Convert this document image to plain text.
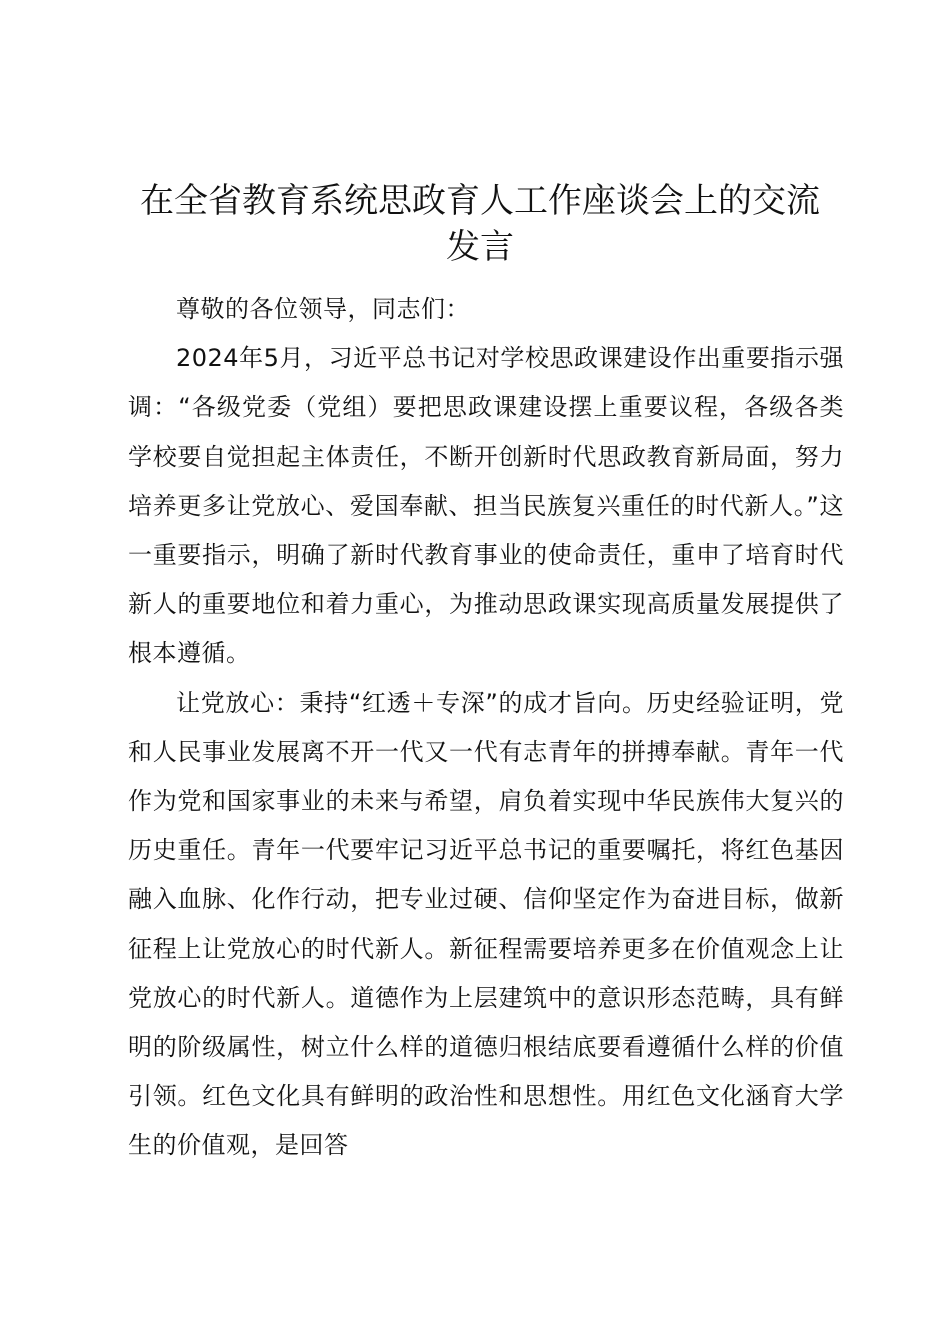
在全省教育系统思政育人工作座谈会上的交流
发言

尊敬的各位领导，同志们：

2024年5月，习近平总书记对学校思政课建设作出重要指示强调：“各级党委（党组）要把思政课建设摆上重要议程，各级各类学校要自觉担起主体责任，不断开创新时代思政教育新局面，努力培养更多让党放心、爱国奉献、担当民族复兴重任的时代新人。”这一重要指示，明确了新时代教育事业的使命责任，重申了培育时代新人的重要地位和着力重心，为推动思政课实现高质量发展提供了根本遵循。

让党放心：秉持“红透＋专深”的成才旨向。历史经验证明，党和人民事业发展离不开一代又一代有志青年的拼搏奉献。青年一代作为党和国家事业的未来与希望，肩负着实现中华民族伟大复兴的历史重任。青年一代要牢记习近平总书记的重要嘱托，将红色基因融入血脉、化作行动，把专业过硬、信仰坚定作为奋进目标，做新征程上让党放心的时代新人。新征程需要培养更多在价值观念上让党放心的时代新人。道德作为上层建筑中的意识形态范畴，具有鲜明的阶级属性，树立什么样的道德归根结底要看遵循什么样的价值引领。红色文化具有鲜明的政治性和思想性。用红色文化涵育大学生的价值观，是回答
